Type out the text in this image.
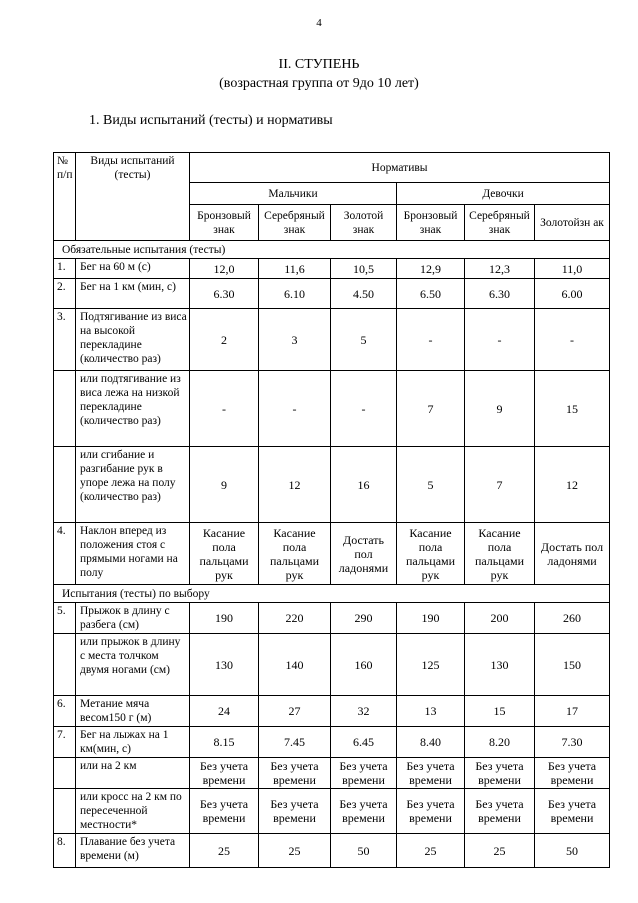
4
II. СТУПЕНЬ
(возрастная группа от 9до 10 лет)
1. Виды испытаний (тесты) и нормативы
№ п/п	Виды испытаний (тесты)	Нормативы					
		Мальчики			Девочки		
		Бронзовый знак	Серебряный знак	Золотой знак	Бронзовый знак	Серебряный знак	Золотойзн ак
Обязательные испытания (тесты)							
1.	Бег на 60 м (с)	12,0	11,6	10,5	12,9	12,3	11,0
2.	Бег на 1 км (мин, с)	6.30	6.10	4.50	6.50	6.30	6.00
3.	Подтягивание из виса на высокой перекладине (количество раз)	2	3	5	-	-	-
	или подтягивание из виса лежа на низкой перекладине (количество раз)	-	-	-	7	9	15
	или сгибание и разгибание рук в упоре лежа на полу (количество раз)	9	12	16	5	7	12
4.	Наклон вперед из положения стоя с прямыми ногами на полу	Касание пола пальцами рук	Касание пола пальцами рук	Достать пол ладонями	Касание пола пальцами рук	Касание пола пальцами рук	Достать пол ладонями
Испытания (тесты) по выбору							
5.	Прыжок в длину с разбега (см)	190	220	290	190	200	260
	или прыжок в длину с места толчком двумя ногами (см)	130	140	160	125	130	150
6.	Метание мяча весом150 г (м)	24	27	32	13	15	17
7.	Бег на лыжах на 1 км(мин, с)	8.15	7.45	6.45	8.40	8.20	7.30
	или на 2 км	Без учета времени	Без учета времени	Без учета времени	Без учета времени	Без учета времени	Без учета времени
	или кросс на 2 км по пересеченной местности*	Без учета времени	Без учета времени	Без учета времени	Без учета времени	Без учета времени	Без учета времени
8.	Плавание без учета времени (м)	25	25	50	25	25	50
